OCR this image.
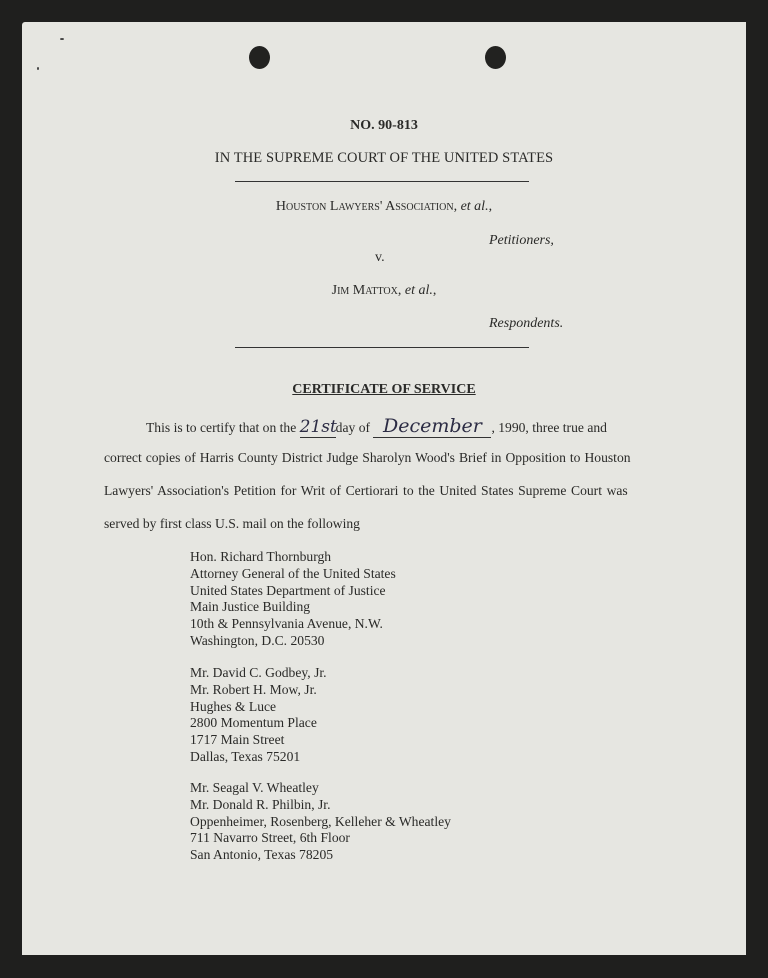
NO. 90-813
IN THE SUPREME COURT OF THE UNITED STATES
Houston Lawyers' Association, et al.,
Petitioners,
v.
Jim Mattox, et al.,
Respondents.
CERTIFICATE OF SERVICE
This is to certify that on the 21stday of December , 1990, three true and
correct copies of Harris County District Judge Sharolyn Wood's Brief in Opposition to Houston
Lawyers' Association's Petition for Writ of Certiorari to the United States Supreme Court was
served by first class U.S. mail on the following
Hon. Richard Thornburgh
Attorney General of the United States
United States Department of Justice
Main Justice Building
10th & Pennsylvania Avenue, N.W.
Washington, D.C. 20530
Mr. David C. Godbey, Jr.
Mr. Robert H. Mow, Jr.
Hughes & Luce
2800 Momentum Place
1717 Main Street
Dallas, Texas 75201
Mr. Seagal V. Wheatley
Mr. Donald R. Philbin, Jr.
Oppenheimer, Rosenberg, Kelleher & Wheatley
711 Navarro Street, 6th Floor
San Antonio, Texas 78205
